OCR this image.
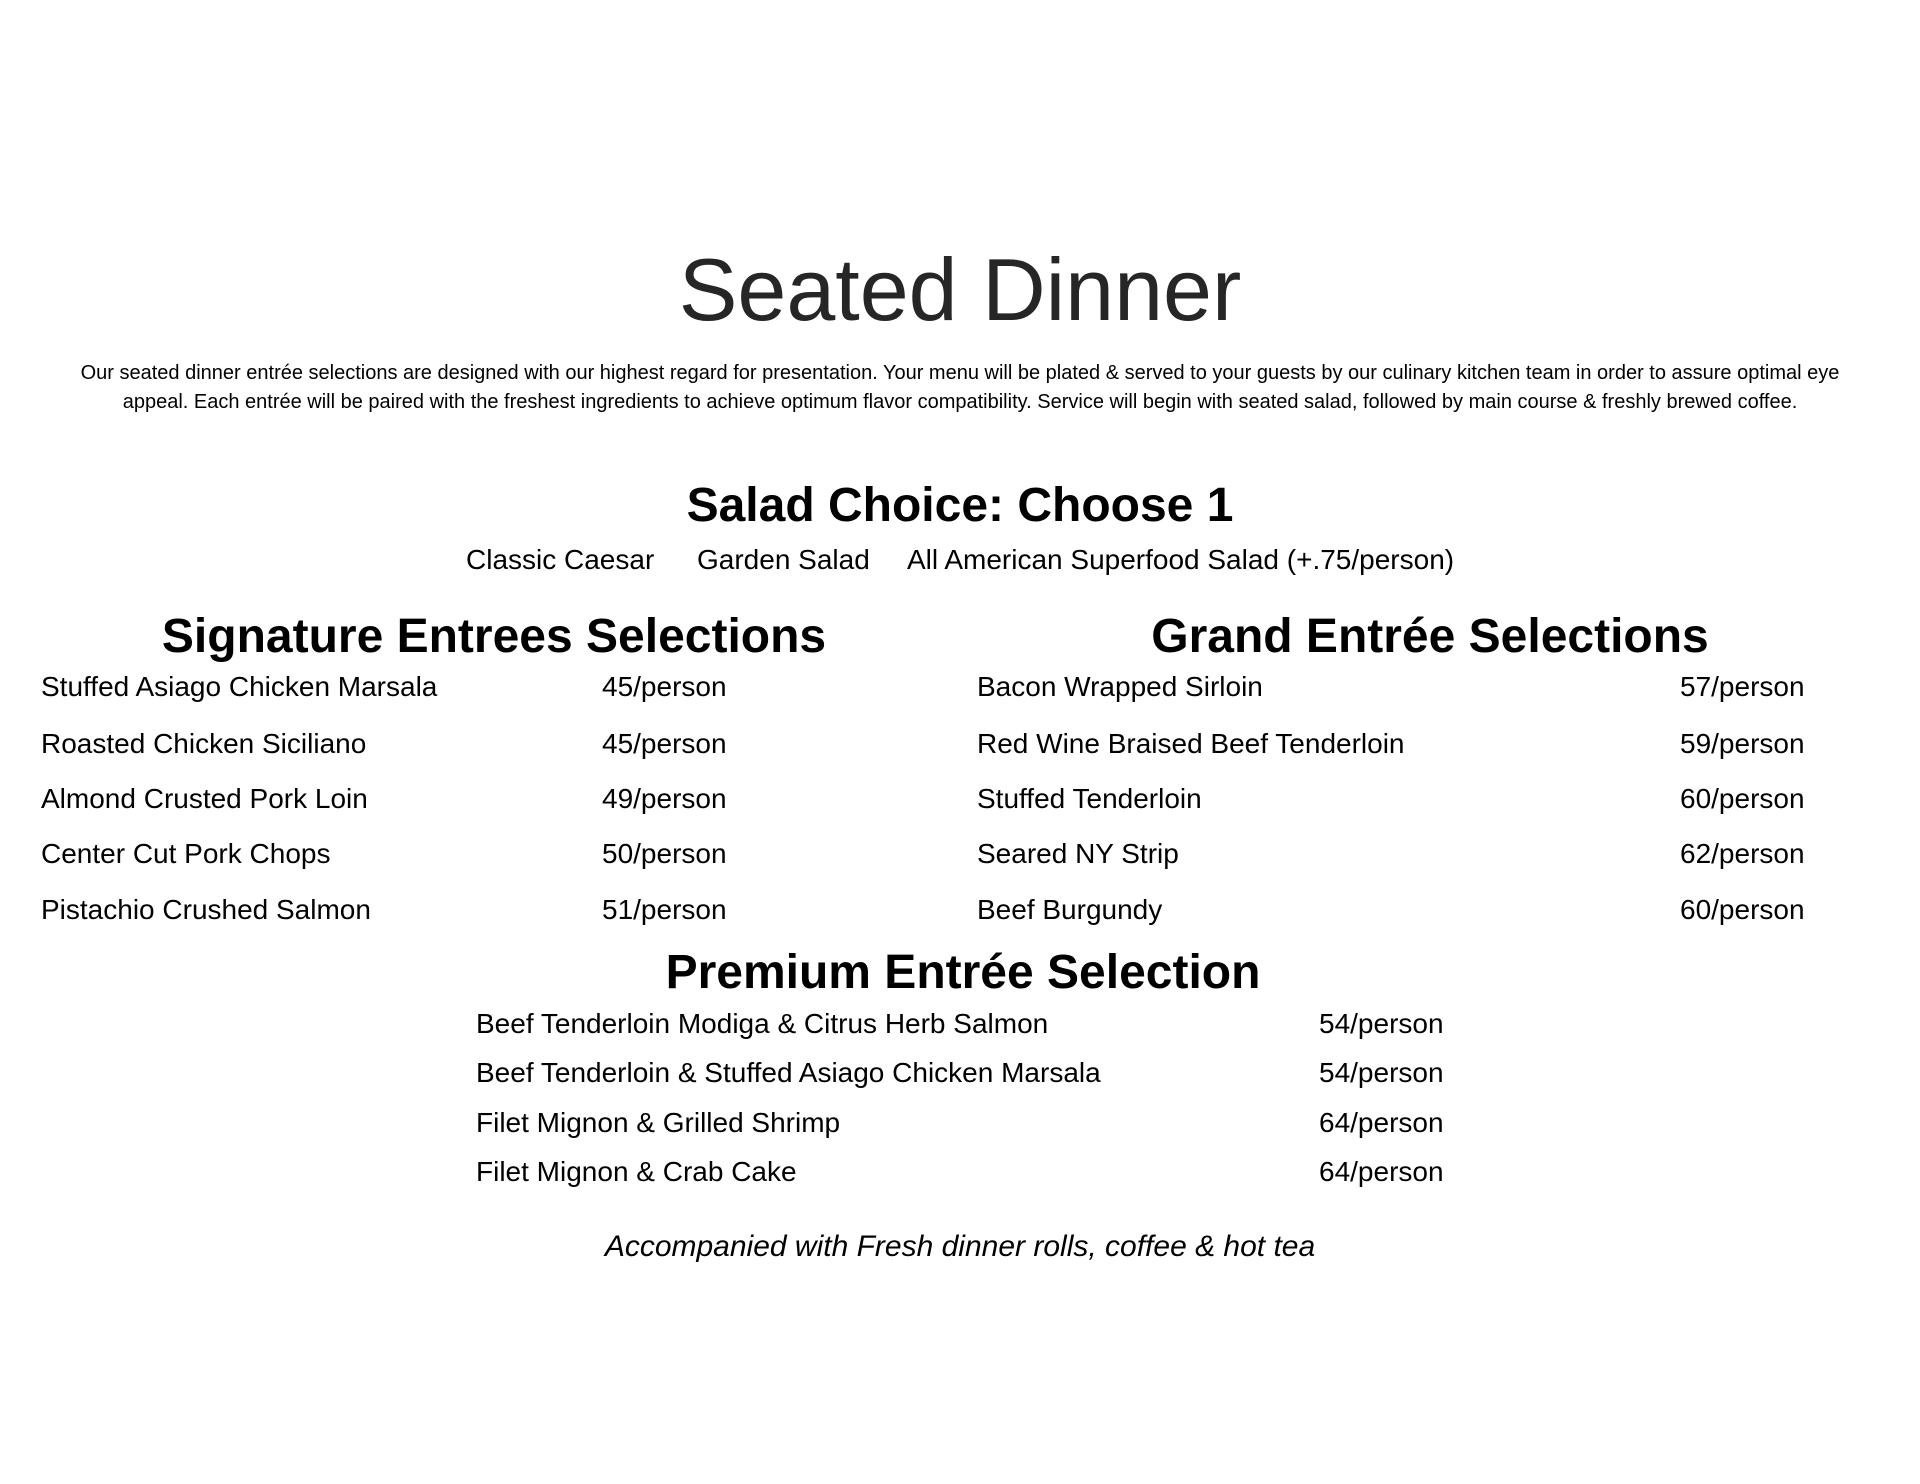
Seated Dinner

Our seated dinner entrée selections are designed with our highest regard for presentation. Your menu will be plated & served to your guests by our culinary kitchen team in order to assure optimal eye appeal. Each entrée will be paired with the freshest ingredients to achieve optimum flavor compatibility. Service will begin with seated salad, followed by main course & freshly brewed coffee.

Salad Choice: Choose 1
Classic Caesar Garden Salad All American Superfood Salad (+.75/person)
Signature Entrees Selections
Stuffed Asiago Chicken Marsala	45/person
Roasted Chicken Siciliano	45/person
Almond Crusted Pork Loin	49/person
Center Cut Pork Chops	50/person
Pistachio Crushed Salmon	51/person
Grand Entrée Selections
Bacon Wrapped Sirloin	57/person
Red Wine Braised Beef Tenderloin	59/person
Stuffed Tenderloin	60/person
Seared NY Strip	62/person
Beef Burgundy	60/person
Premium Entrée Selection
Beef Tenderloin Modiga & Citrus Herb Salmon	54/person
Beef Tenderloin & Stuffed Asiago Chicken Marsala	54/person
Filet Mignon & Grilled Shrimp	64/person
Filet Mignon & Crab Cake	64/person

Accompanied with Fresh dinner rolls, coffee & hot tea
